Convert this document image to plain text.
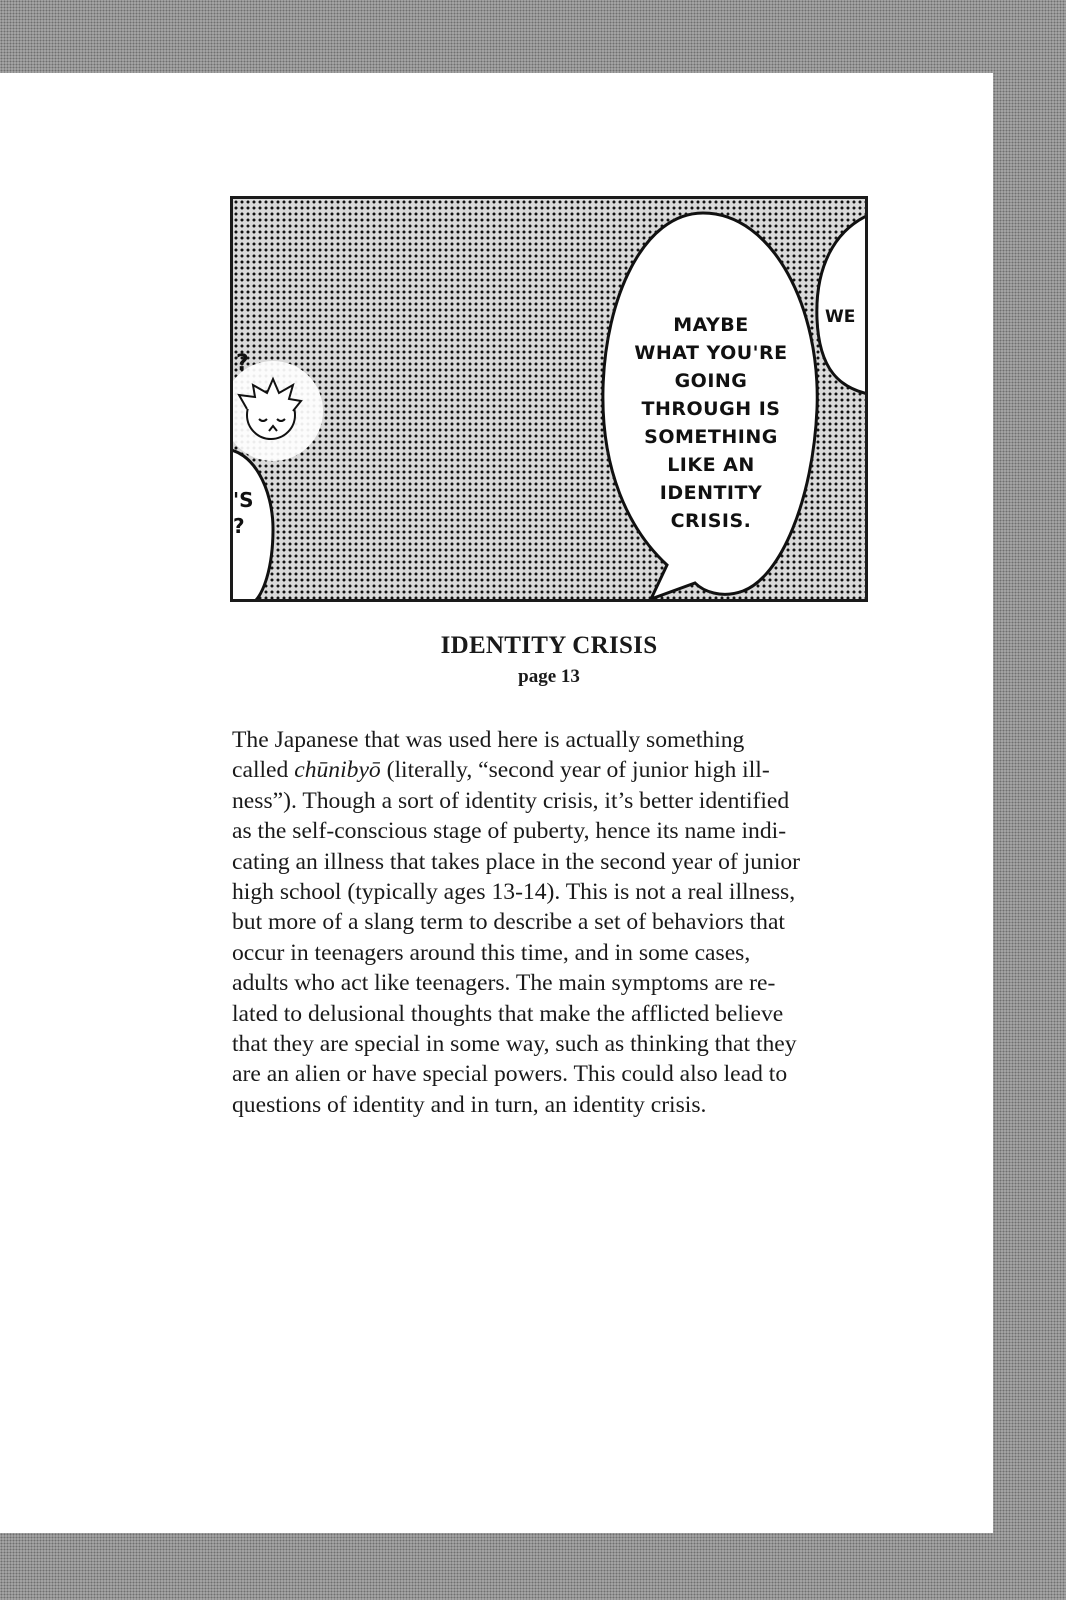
?
MAYBE
WHAT YOU'RE
GOING
THROUGH IS
SOMETHING
LIKE AN
IDENTITY
CRISIS.
WE
'S
?
IDENTITY CRISIS
page 13
The Japanese that was used here is actually something
called chūnibyō (literally, “second year of junior high ill-
ness”). Though a sort of identity crisis, it’s better identified
as the self-conscious stage of puberty, hence its name indi-
cating an illness that takes place in the second year of junior
high school (typically ages 13-14). This is not a real illness,
but more of a slang term to describe a set of behaviors that
occur in teenagers around this time, and in some cases,
adults who act like teenagers. The main symptoms are re-
lated to delusional thoughts that make the afflicted believe
that they are special in some way, such as thinking that they
are an alien or have special powers. This could also lead to
questions of identity and in turn, an identity crisis.
